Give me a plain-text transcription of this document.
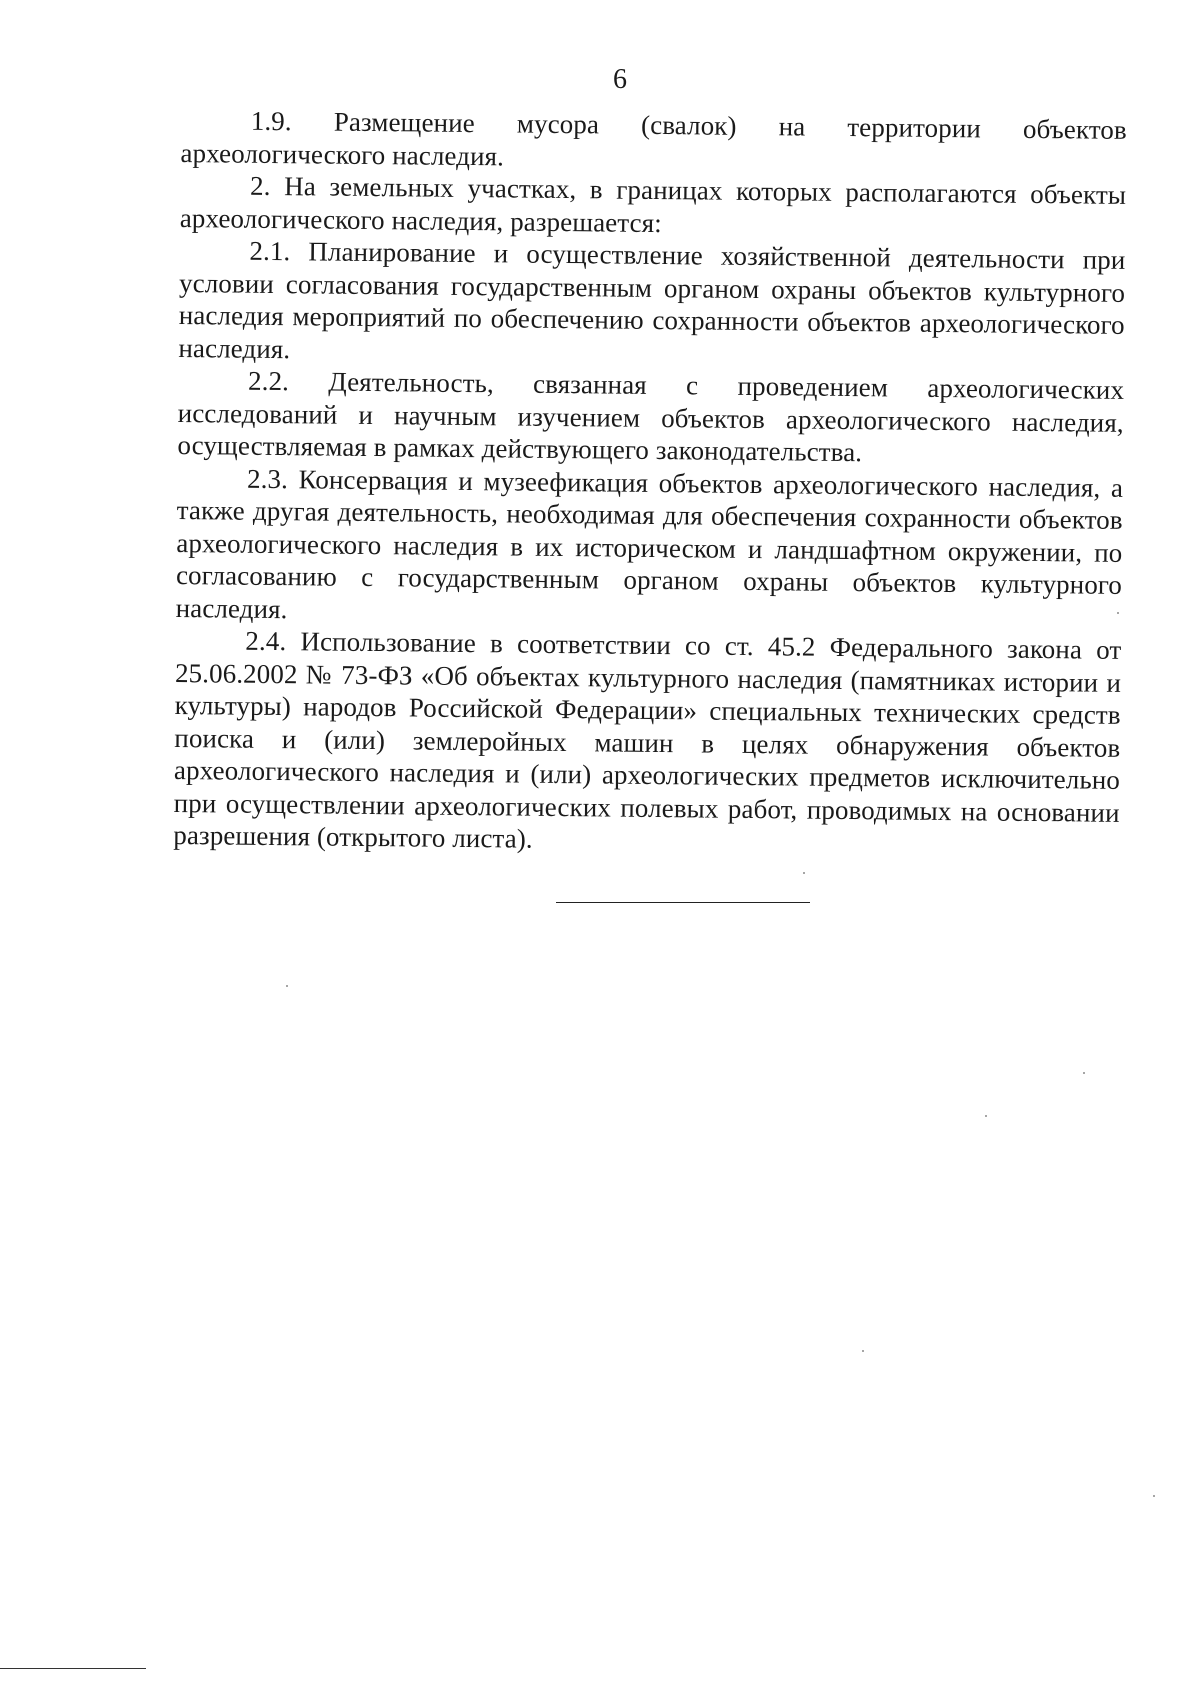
6

1.9. Размещение мусора (свалок) на территории объектов археологического наследия.

2. На земельных участках, в границах которых располагаются объекты археологического наследия, разрешается:

2.1. Планирование и осуществление хозяйственной деятельности при условии согласования государственным органом охраны объектов культурного наследия мероприятий по обеспечению сохранности объектов археологического наследия.

2.2. Деятельность, связанная с проведением археологических исследований и научным изучением объектов археологического наследия, осуществляемая в рамках действующего законодательства.

2.3. Консервация и музеефикация объектов археологического наследия, а также другая деятельность, необходимая для обеспечения сохранности объектов археологического наследия в их историческом и ландшафтном окружении, по согласованию с государственным органом охраны объектов культурного наследия.

2.4. Использование в соответствии со ст. 45.2 Федерального закона от 25.06.2002 № 73-ФЗ «Об объектах культурного наследия (памятниках истории и культуры) народов Российской Федерации» специальных технических средств поиска и (или) землеройных машин в целях обнаружения объектов археологического наследия и (или) археологических предметов исключительно при осуществлении археологических полевых работ, проводимых на основании разрешения (открытого листа).
